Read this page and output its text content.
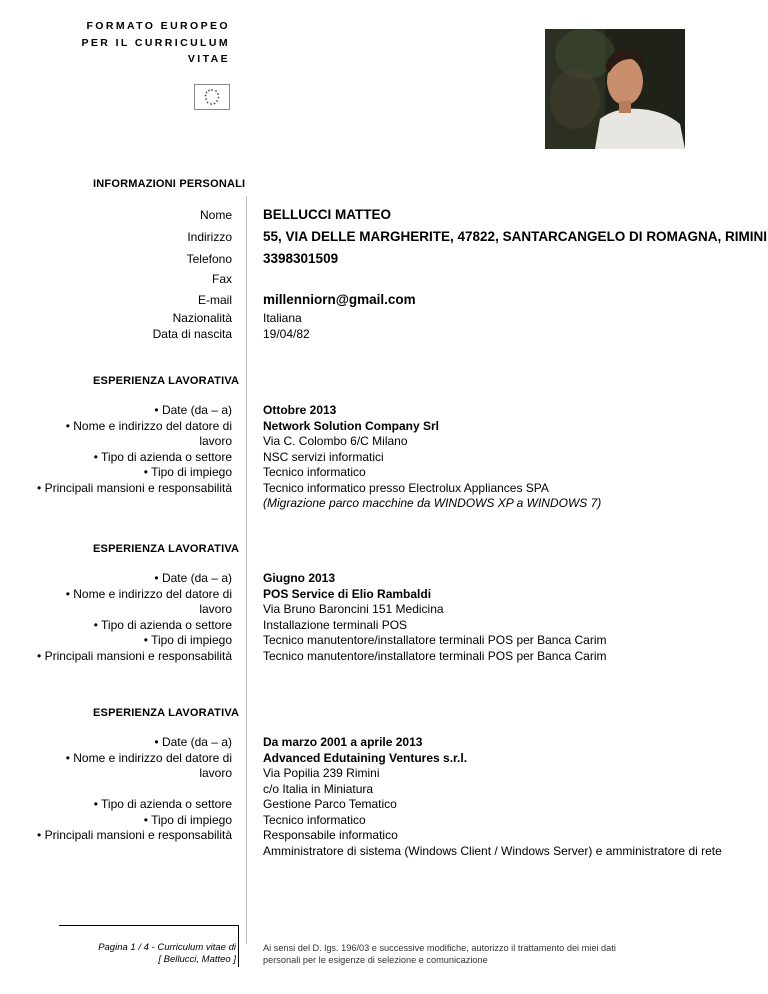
FORMATO EUROPEO
PER IL CURRICULUM
VITAE
INFORMAZIONI PERSONALI
Nome BELLUCCI MATTEO
Indirizzo 55, VIA DELLE MARGHERITE, 47822, SANTARCANGELO DI ROMAGNA, RIMINI
Telefono 3398301509
Fax
E-mail millenniorn@gmail.com
Nazionalità	Italiana
Data di nascita	19/04/82
ESPERIENZA LAVORATIVA
• Date (da – a)
• Nome e indirizzo del datore di
lavoro
• Tipo di azienda o settore
• Tipo di impiego
• Principali mansioni e responsabilità
Ottobre 2013
Network Solution Company Srl
Via C. Colombo 6/C Milano
NSC servizi informatici
Tecnico informatico
Tecnico informatico presso Electrolux Appliances SPA
(Migrazione parco macchine da WINDOWS XP a WINDOWS 7)
ESPERIENZA LAVORATIVA
• Date (da – a)
• Nome e indirizzo del datore di
lavoro
• Tipo di azienda o settore
• Tipo di impiego
• Principali mansioni e responsabilità
Giugno 2013
POS Service di Elio Rambaldi
Via Bruno Baroncini 151 Medicina
Installazione terminali POS
Tecnico manutentore/installatore terminali POS per Banca Carim
Tecnico manutentore/installatore terminali POS per Banca Carim
ESPERIENZA LAVORATIVA
• Date (da – a)
• Nome e indirizzo del datore di
lavoro
• Tipo di azienda o settore
• Tipo di impiego
• Principali mansioni e responsabilità
Da marzo 2001 a aprile 2013
Advanced Edutaining Ventures s.r.l.
Via Popilia 239 Rimini
c/o Italia in Miniatura
Gestione Parco Tematico
Tecnico informatico
Responsabile informatico
Amministratore di sistema (Windows Client / Windows Server) e amministratore di rete
Pagina 1 / 4 - Curriculum vitae di
[ Bellucci, Matteo ]
Ai sensi del D. lgs. 196/03 e successive modifiche, autorizzo il trattamento dei miei dati personali per le esigenze di selezione e comunicazione
